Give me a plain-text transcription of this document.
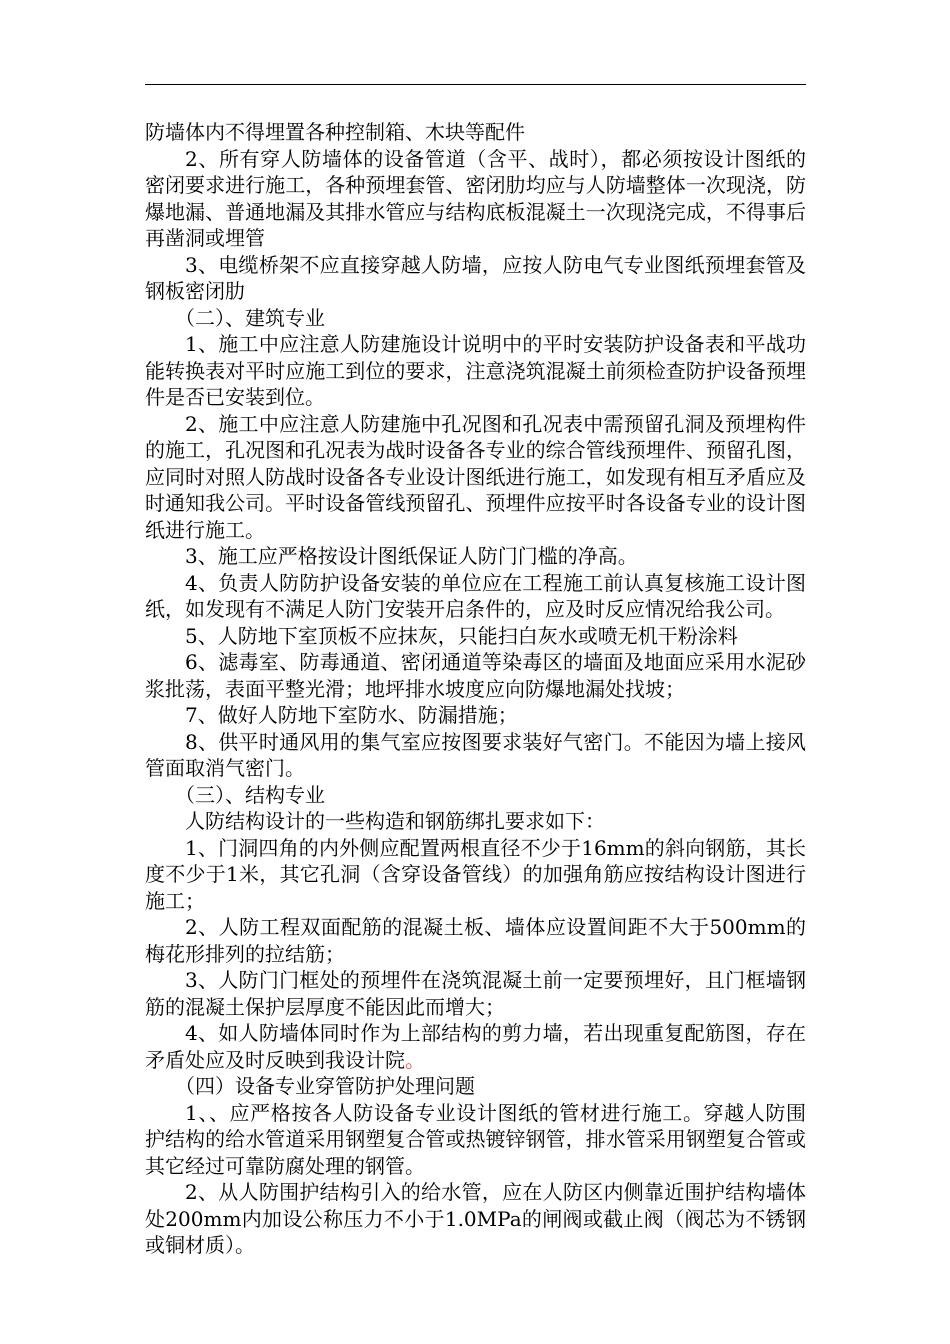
防墙体内不得埋置各种控制箱、木块等配件

2、所有穿人防墙体的设备管道（含平、战时），都必须按设计图纸的密闭要求进行施工，各种预埋套管、密闭肋均应与人防墙整体一次现浇，防爆地漏、普通地漏及其排水管应与结构底板混凝土一次现浇完成，不得事后再凿洞或埋管

3、电缆桥架不应直接穿越人防墙，应按人防电气专业图纸预埋套管及钢板密闭肋

（二）、建筑专业

1、施工中应注意人防建施设计说明中的平时安装防护设备表和平战功能转换表对平时应施工到位的要求，注意浇筑混凝土前须检查防护设备预埋件是否已安装到位。

2、施工中应注意人防建施中孔况图和孔况表中需预留孔洞及预埋构件的施工，孔况图和孔况表为战时设备各专业的综合管线预埋件、预留孔图，应同时对照人防战时设备各专业设计图纸进行施工，如发现有相互矛盾应及时通知我公司。平时设备管线预留孔、预埋件应按平时各设备专业的设计图纸进行施工。

3、施工应严格按设计图纸保证人防门门槛的净高。

4、负责人防防护设备安装的单位应在工程施工前认真复核施工设计图纸，如发现有不满足人防门安装开启条件的，应及时反应情况给我公司。

5、人防地下室顶板不应抹灰，只能扫白灰水或喷无机干粉涂料

6、滤毒室、防毒通道、密闭通道等染毒区的墙面及地面应采用水泥砂浆批荡，表面平整光滑；地坪排水坡度应向防爆地漏处找坡；

7、做好人防地下室防水、防漏措施；

8、供平时通风用的集气室应按图要求装好气密门。不能因为墙上接风管面取消气密门。

（三）、结构专业

人防结构设计的一些构造和钢筋绑扎要求如下：

1、门洞四角的内外侧应配置两根直径不少于16mm的斜向钢筋，其长度不少于1米，其它孔洞（含穿设备管线）的加强角筋应按结构设计图进行施工；

2、人防工程双面配筋的混凝土板、墙体应设置间距不大于500mm的梅花形排列的拉结筋；

3、人防门门框处的预埋件在浇筑混凝土前一定要预埋好，且门框墙钢筋的混凝土保护层厚度不能因此而增大；

4、如人防墙体同时作为上部结构的剪力墙，若出现重复配筋图，存在矛盾处应及时反映到我设计院。

（四）设备专业穿管防护处理问题

1、、应严格按各人防设备专业设计图纸的管材进行施工。穿越人防围护结构的给水管道采用钢塑复合管或热镀锌钢管，排水管采用钢塑复合管或其它经过可靠防腐处理的钢管。

2、从人防围护结构引入的给水管，应在人防区内侧靠近围护结构墙体处200mm内加设公称压力不小于1.0MPa的闸阀或截止阀（阀芯为不锈钢或铜材质）。
